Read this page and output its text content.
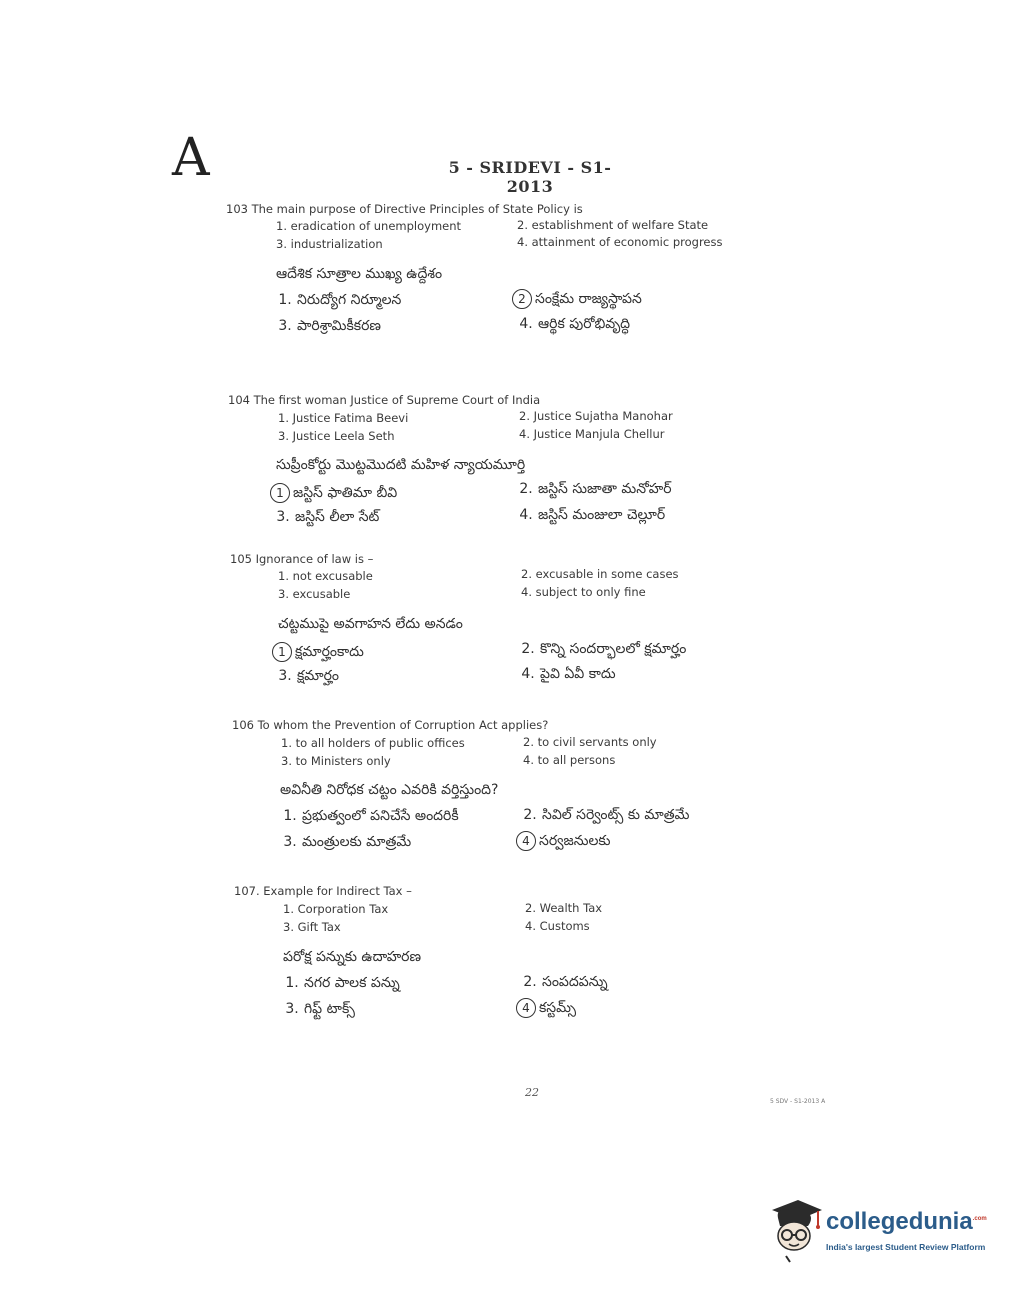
A	5 - SRIDEVI - S1-2013
103 The main purpose of Directive Principles of State Policy is
1. eradication of unemployment	2. establishment of welfare State
3. industrialization	4. attainment of economic progress
ఆదేశిక సూత్రాల ముఖ్య ఉద్దేశం
1. నిరుద్యోగ నిర్మూలన	2 సంక్షేమ రాజ్యస్థాపన
3. పారిశ్రామికీకరణ	4. ఆర్థిక పురోభివృద్ధి
104 The first woman Justice of Supreme Court of India
1. Justice Fatima Beevi	2. Justice Sujatha Manohar
3. Justice Leela Seth	4. Justice Manjula Chellur
సుప్రీంకోర్టు మొట్టమొదటి మహిళ న్యాయమూర్తి
1 జస్టిస్ ఫాతిమా బీవి	2. జస్టిస్ సుజాతా మనోహర్
3. జస్టిస్ లీలా సేట్	4. జస్టిస్ మంజులా చెల్లూర్
105 Ignorance of law is –
1. not excusable	2. excusable in some cases
3. excusable	4. subject to only fine
చట్టముపై అవగాహన లేదు అనడం
1 క్షమార్హంకాదు	2. కొన్ని సందర్భాలలో క్షమార్హం
3. క్షమార్హం	4. పైవి ఏవీ కాదు
106 To whom the Prevention of Corruption Act applies?
1. to all holders of public offices	2. to civil servants only
3. to Ministers only	4. to all persons
అవినీతి నిరోధక చట్టం ఎవరికి వర్తిస్తుంది?
1. ప్రభుత్వంలో పనిచేసే అందరికీ	2. సివిల్ సర్వెంట్స్ కు మాత్రమే
3. మంత్రులకు మాత్రమే	4 సర్వజనులకు
107. Example for Indirect Tax –
1. Corporation Tax	2. Wealth Tax
3. Gift Tax	4. Customs
పరోక్ష పన్నుకు ఉదాహరణ
1. నగర పాలక పన్ను	2. సంపదపన్ను
3. గిఫ్ట్ టాక్స్	4 కస్టమ్స్
22
5 SDV - S1-2013 A
collegedunia$^{.com}$
India's largest Student Review Platform
